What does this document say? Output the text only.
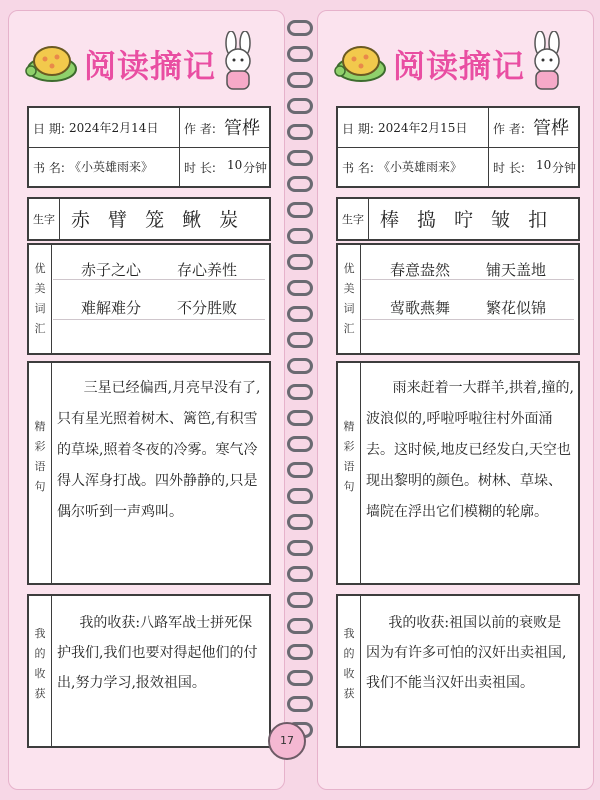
阅读摘记
日 期: 2024年2月14日 作 者: 管桦
书 名: 《小英雄雨来》	时 长: 10 分钟
生字 赤 臂 笼 鳅 炭
优
美
词
汇
赤子之心 存心养性
难解难分 不分胜败
精
彩
语
句
三星已经偏西,月亮早没有了,只有星光照着树木、篱笆,有积雪的草垛,照着冬夜的冷雾。寒气冷得人浑身打战。四外静静的,只是偶尔听到一声鸡叫。
我
的
收
获
我的收获:八路军战士拼死保护我们,我们也要对得起他们的付出,努力学习,报效祖国。
阅读摘记
日 期: 2024年2月15日 作 者: 管桦
书 名: 《小英雄雨来》	时 长: 10 分钟
生字 棒 捣 咛 皱 扣
优
美
词
汇
春意盎然 铺天盖地
莺歌燕舞 繁花似锦
精
彩
语
句
雨来赶着一大群羊,拱着,撞的,波浪似的,呼啦呼啦往村外面涌去。这时候,地皮已经发白,天空也现出黎明的颜色。树林、草垛、墙院在浮出它们模糊的轮廓。
我
的
收
获
我的收获:祖国以前的衰败是因为有许多可怕的汉奸出卖祖国,我们不能当汉奸出卖祖国。
17
